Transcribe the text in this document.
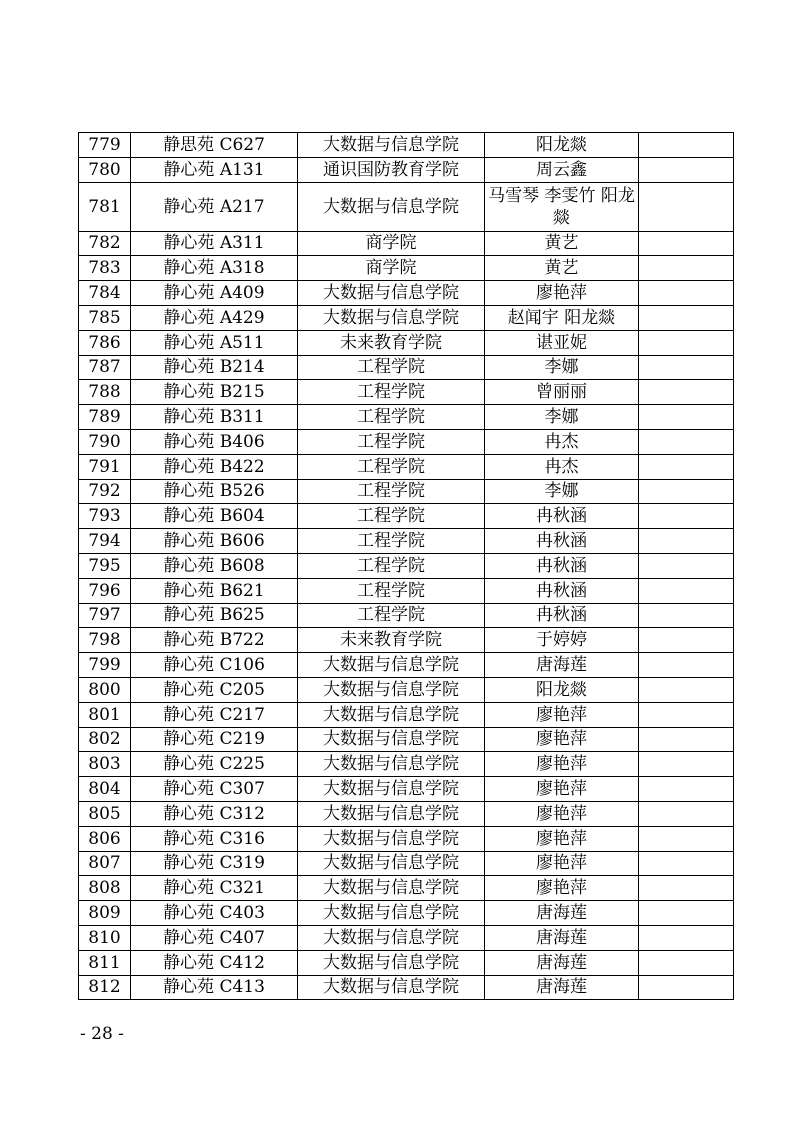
779	静思苑 C627	大数据与信息学院	阳龙燚	
780	静心苑 A131	通识国防教育学院	周云鑫	
781	静心苑 A217	大数据与信息学院	马雪琴 李雯竹 阳龙燚	
782	静心苑 A311	商学院	黄艺	
783	静心苑 A318	商学院	黄艺	
784	静心苑 A409	大数据与信息学院	廖艳萍	
785	静心苑 A429	大数据与信息学院	赵闻宇 阳龙燚	
786	静心苑 A511	未来教育学院	谌亚妮	
787	静心苑 B214	工程学院	李娜	
788	静心苑 B215	工程学院	曾丽丽	
789	静心苑 B311	工程学院	李娜	
790	静心苑 B406	工程学院	冉杰	
791	静心苑 B422	工程学院	冉杰	
792	静心苑 B526	工程学院	李娜	
793	静心苑 B604	工程学院	冉秋涵	
794	静心苑 B606	工程学院	冉秋涵	
795	静心苑 B608	工程学院	冉秋涵	
796	静心苑 B621	工程学院	冉秋涵	
797	静心苑 B625	工程学院	冉秋涵	
798	静心苑 B722	未来教育学院	于婷婷	
799	静心苑 C106	大数据与信息学院	唐海莲	
800	静心苑 C205	大数据与信息学院	阳龙燚	
801	静心苑 C217	大数据与信息学院	廖艳萍	
802	静心苑 C219	大数据与信息学院	廖艳萍	
803	静心苑 C225	大数据与信息学院	廖艳萍	
804	静心苑 C307	大数据与信息学院	廖艳萍	
805	静心苑 C312	大数据与信息学院	廖艳萍	
806	静心苑 C316	大数据与信息学院	廖艳萍	
807	静心苑 C319	大数据与信息学院	廖艳萍	
808	静心苑 C321	大数据与信息学院	廖艳萍	
809	静心苑 C403	大数据与信息学院	唐海莲	
810	静心苑 C407	大数据与信息学院	唐海莲	
811	静心苑 C412	大数据与信息学院	唐海莲	
812	静心苑 C413	大数据与信息学院	唐海莲	
- 28 -
